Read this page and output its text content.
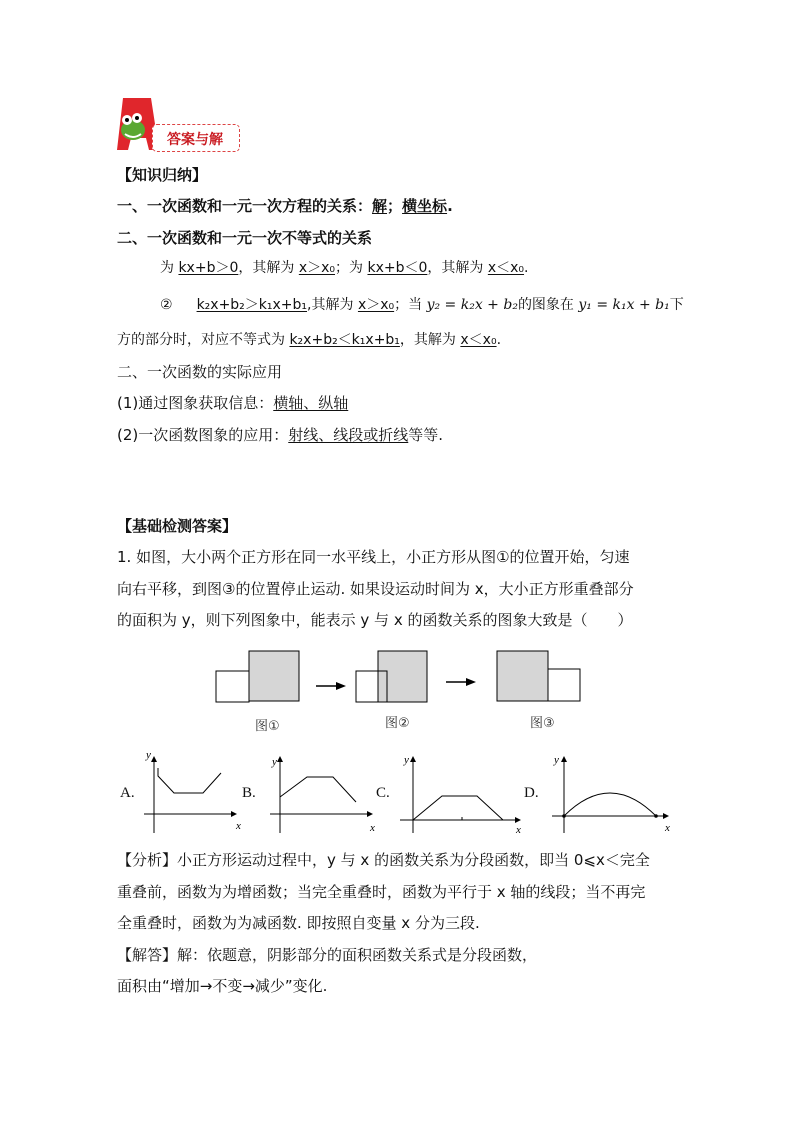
答案与解
【知识归纳】
一、一次函数和一元一次方程的关系：解；横坐标.
二、一次函数和一元一次不等式的关系
为 kx+b＞0，其解为 x＞x₀；为 kx+b＜0，其解为 x＜x₀.
② k₂x+b₂＞k₁x+b₁,其解为 x＞x₀；当 y₂ = k₂x + b₂的图象在 y₁ = k₁x + b₁下
方的部分时，对应不等式为 k₂x+b₂＜k₁x+b₁，其解为 x＜x₀.
二、一次函数的实际应用
(1)通过图象获取信息：横轴、纵轴
(2)一次函数图象的应用：射线、线段或折线等等.
【基础检测答案】
1. 如图，大小两个正方形在同一水平线上，小正方形从图①的位置开始，匀速
向右平移，到图③的位置停止运动. 如果设运动时间为 x，大小正方形重叠部分
的面积为 y，则下列图象中，能表示 y 与 x 的函数关系的图象大致是（　　）
图①	图②	图③
y
x
y
x
y
x
y
x
A.	B.	C.	D.
【分析】小正方形运动过程中，y 与 x 的函数关系为分段函数，即当 0⩽x＜完全
重叠前，函数为为增函数；当完全重叠时，函数为平行于 x 轴的线段；当不再完
全重叠时，函数为为减函数. 即按照自变量 x 分为三段.
【解答】解：依题意，阴影部分的面积函数关系式是分段函数，
面积由“增加→不变→减少”变化.
